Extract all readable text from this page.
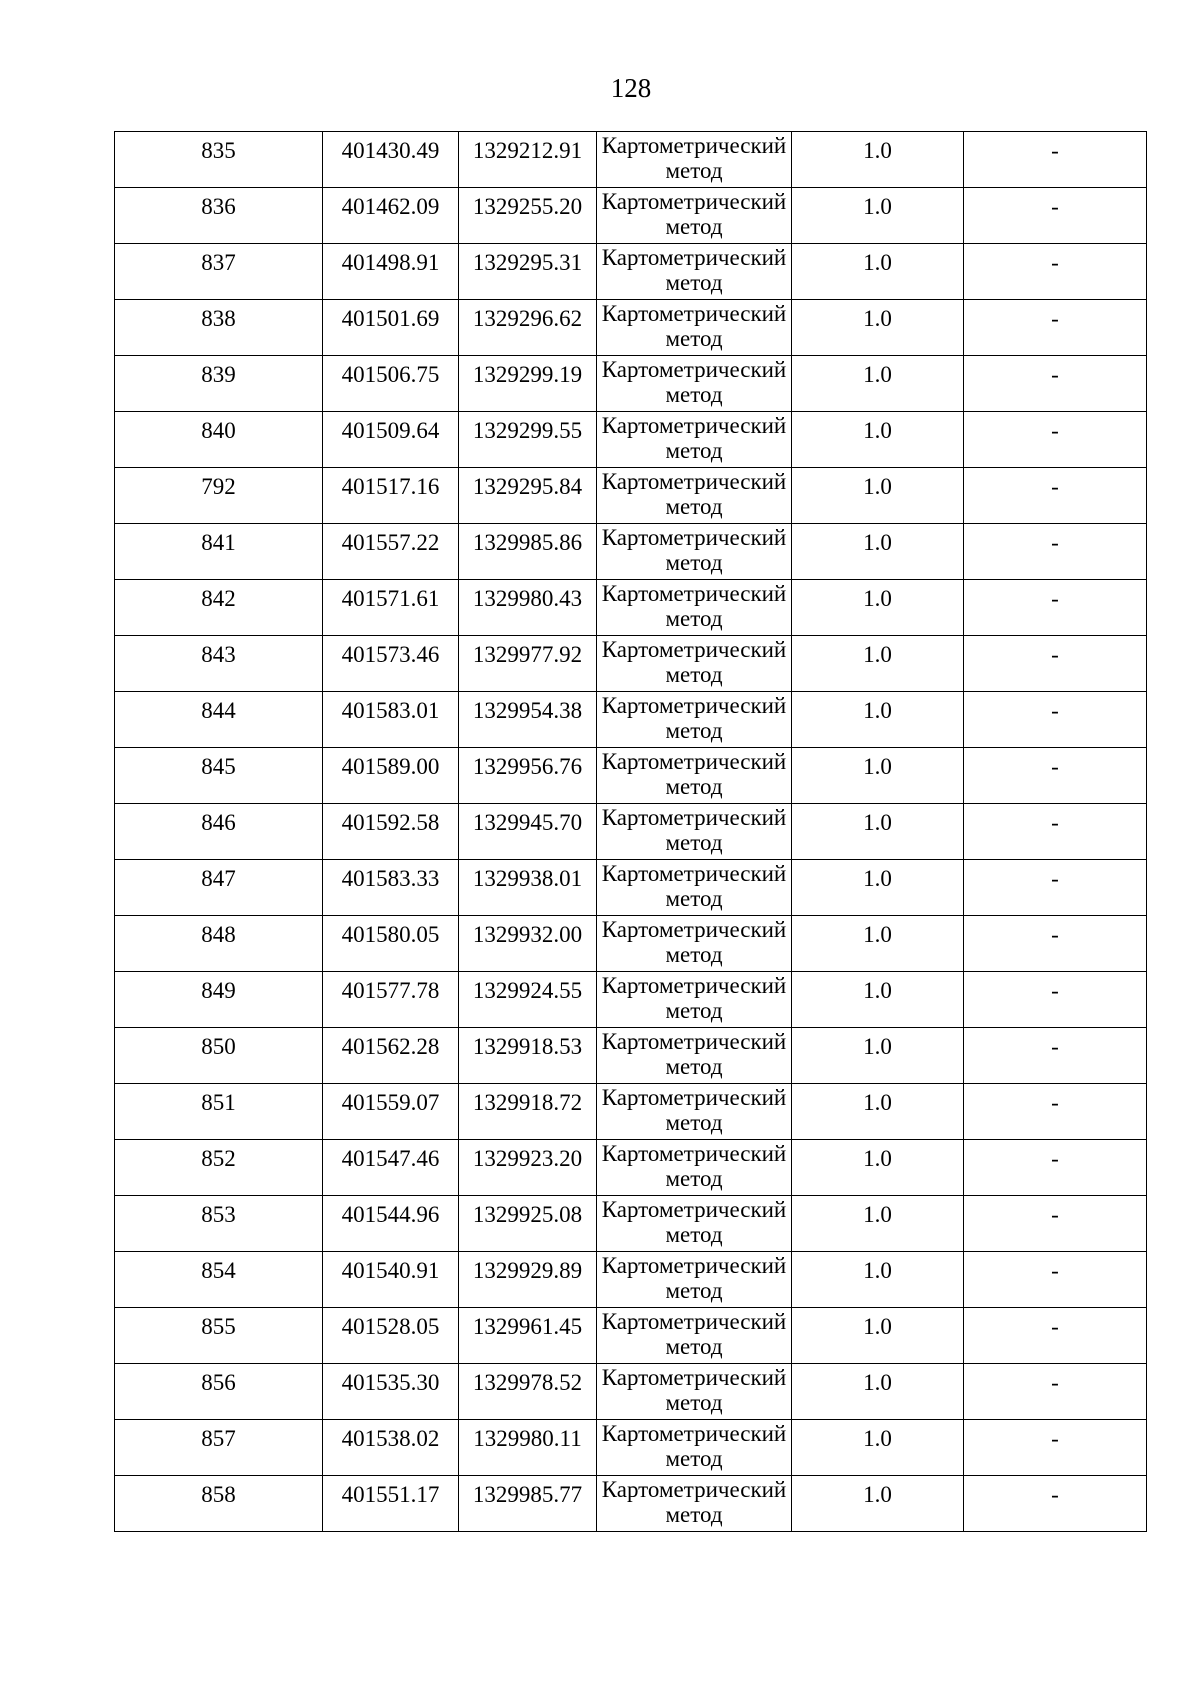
128
835	401430.49	1329212.91	Картометрический метод	1.0	-

836	401462.09	1329255.20	Картометрический метод	1.0	-

837	401498.91	1329295.31	Картометрический метод	1.0	-

838	401501.69	1329296.62	Картометрический метод	1.0	-

839	401506.75	1329299.19	Картометрический метод	1.0	-

840	401509.64	1329299.55	Картометрический метод	1.0	-

792	401517.16	1329295.84	Картометрический метод	1.0	-

841	401557.22	1329985.86	Картометрический метод	1.0	-

842	401571.61	1329980.43	Картометрический метод	1.0	-

843	401573.46	1329977.92	Картометрический метод	1.0	-

844	401583.01	1329954.38	Картометрический метод	1.0	-

845	401589.00	1329956.76	Картометрический метод	1.0	-

846	401592.58	1329945.70	Картометрический метод	1.0	-

847	401583.33	1329938.01	Картометрический метод	1.0	-

848	401580.05	1329932.00	Картометрический метод	1.0	-

849	401577.78	1329924.55	Картометрический метод	1.0	-

850	401562.28	1329918.53	Картометрический метод	1.0	-

851	401559.07	1329918.72	Картометрический метод	1.0	-

852	401547.46	1329923.20	Картометрический метод	1.0	-

853	401544.96	1329925.08	Картометрический метод	1.0	-

854	401540.91	1329929.89	Картометрический метод	1.0	-

855	401528.05	1329961.45	Картометрический метод	1.0	-

856	401535.30	1329978.52	Картометрический метод	1.0	-

857	401538.02	1329980.11	Картометрический метод	1.0	-

858	401551.17	1329985.77	Картометрический метод	1.0	-
